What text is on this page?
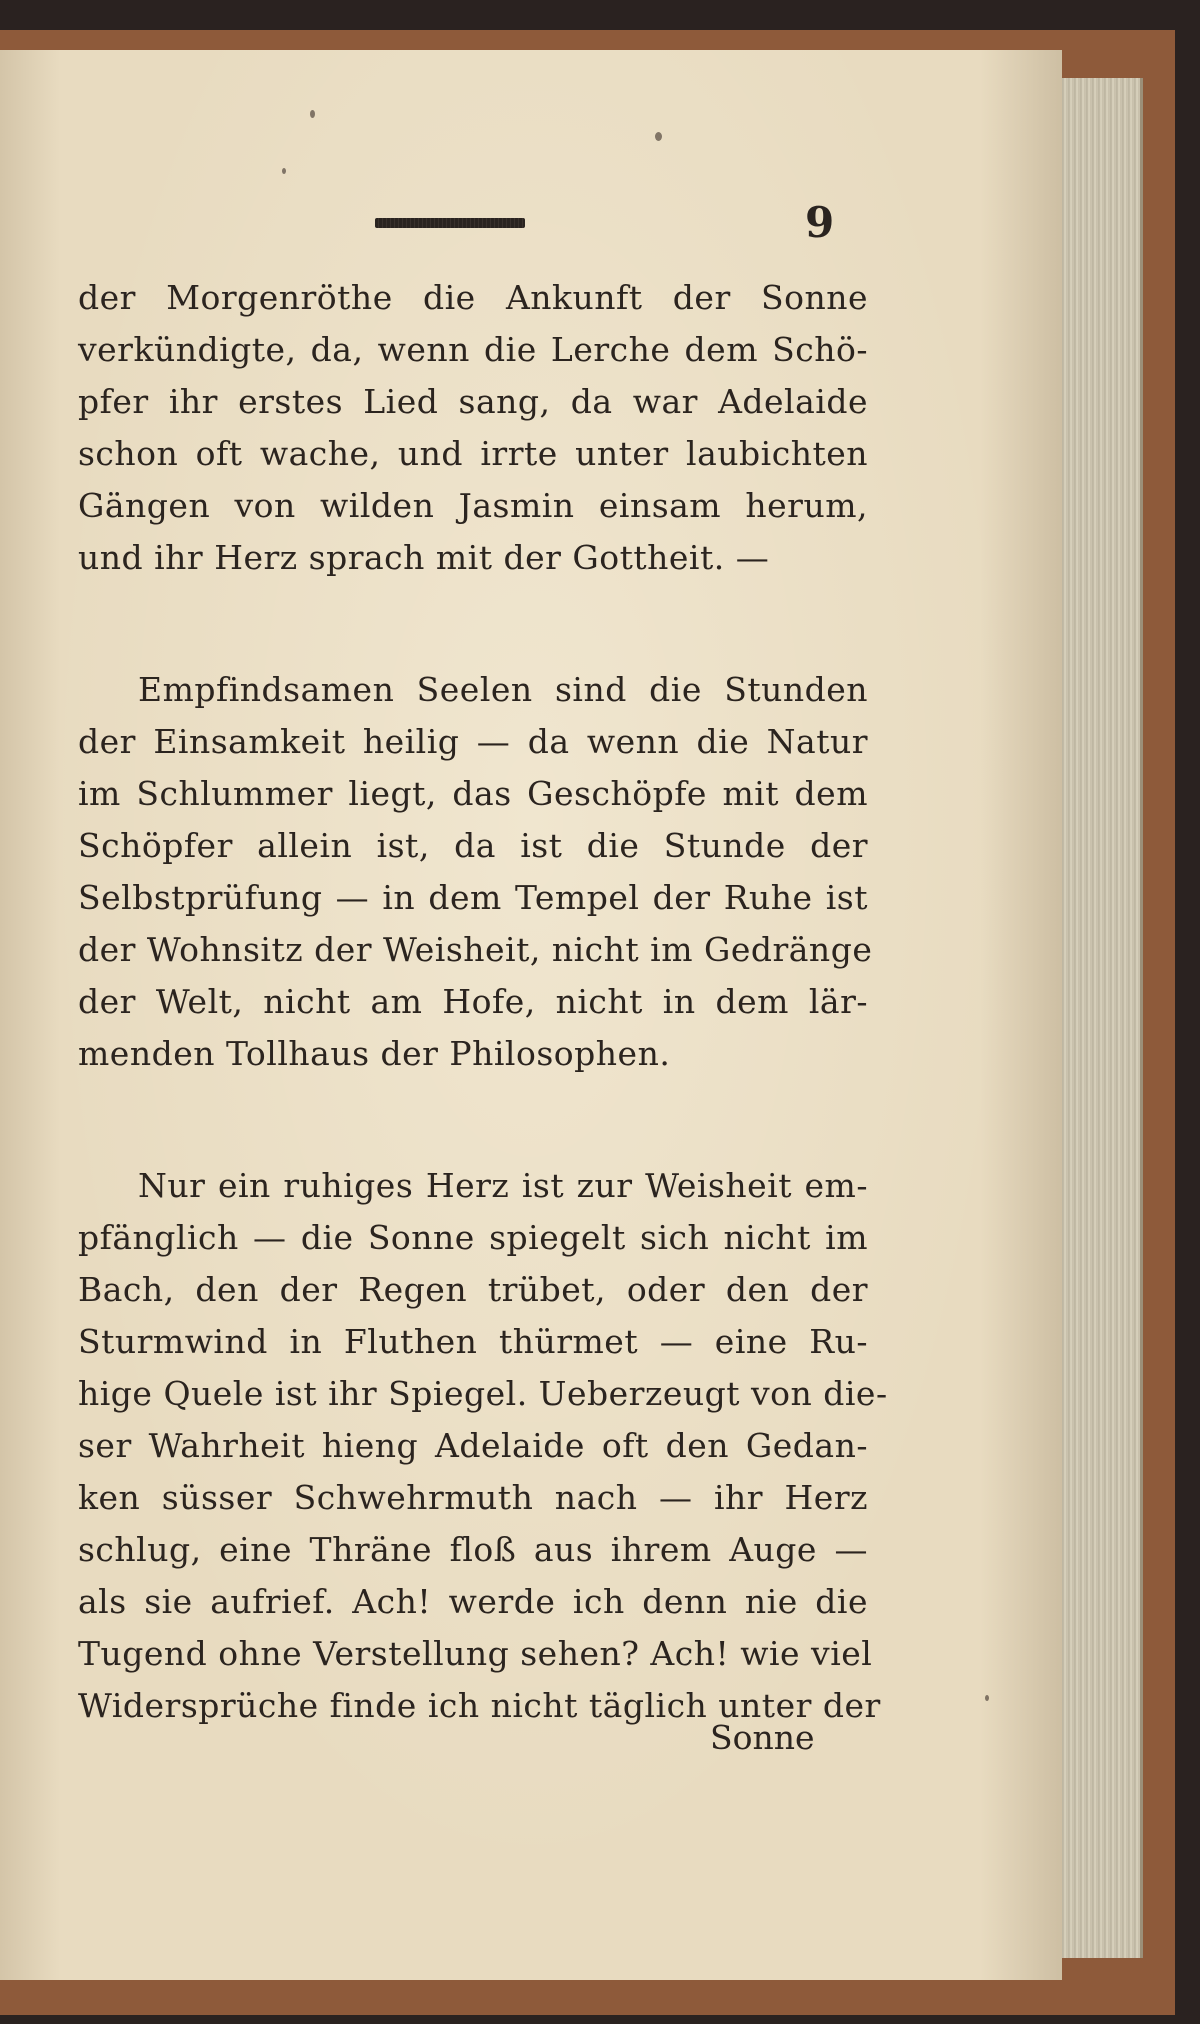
9
der Morgenröthe die Ankunft der Sonne
verkündigte, da, wenn die Lerche dem Schö-
pfer ihr erstes Lied sang, da war Adelaide
schon oft wache, und irrte unter laubichten
Gängen von wilden Jasmin einsam herum,
und ihr Herz sprach mit der Gottheit. —
Empfindsamen Seelen sind die Stunden
der Einsamkeit heilig — da wenn die Natur
im Schlummer liegt, das Geschöpfe mit dem
Schöpfer allein ist, da ist die Stunde der
Selbstprüfung — in dem Tempel der Ruhe ist
der Wohnsitz der Weisheit, nicht im Gedränge
der Welt, nicht am Hofe, nicht in dem lär-
menden Tollhaus der Philosophen.
Nur ein ruhiges Herz ist zur Weisheit em-
pfänglich — die Sonne spiegelt sich nicht im
Bach, den der Regen trübet, oder den der
Sturmwind in Fluthen thürmet — eine Ru-
hige Quele ist ihr Spiegel. Ueberzeugt von die-
ser Wahrheit hieng Adelaide oft den Gedan-
ken süsser Schwehrmuth nach — ihr Herz
schlug, eine Thräne floß aus ihrem Auge —
als sie aufrief. Ach! werde ich denn nie die
Tugend ohne Verstellung sehen? Ach! wie viel
Widersprüche finde ich nicht täglich unter der
Sonne
